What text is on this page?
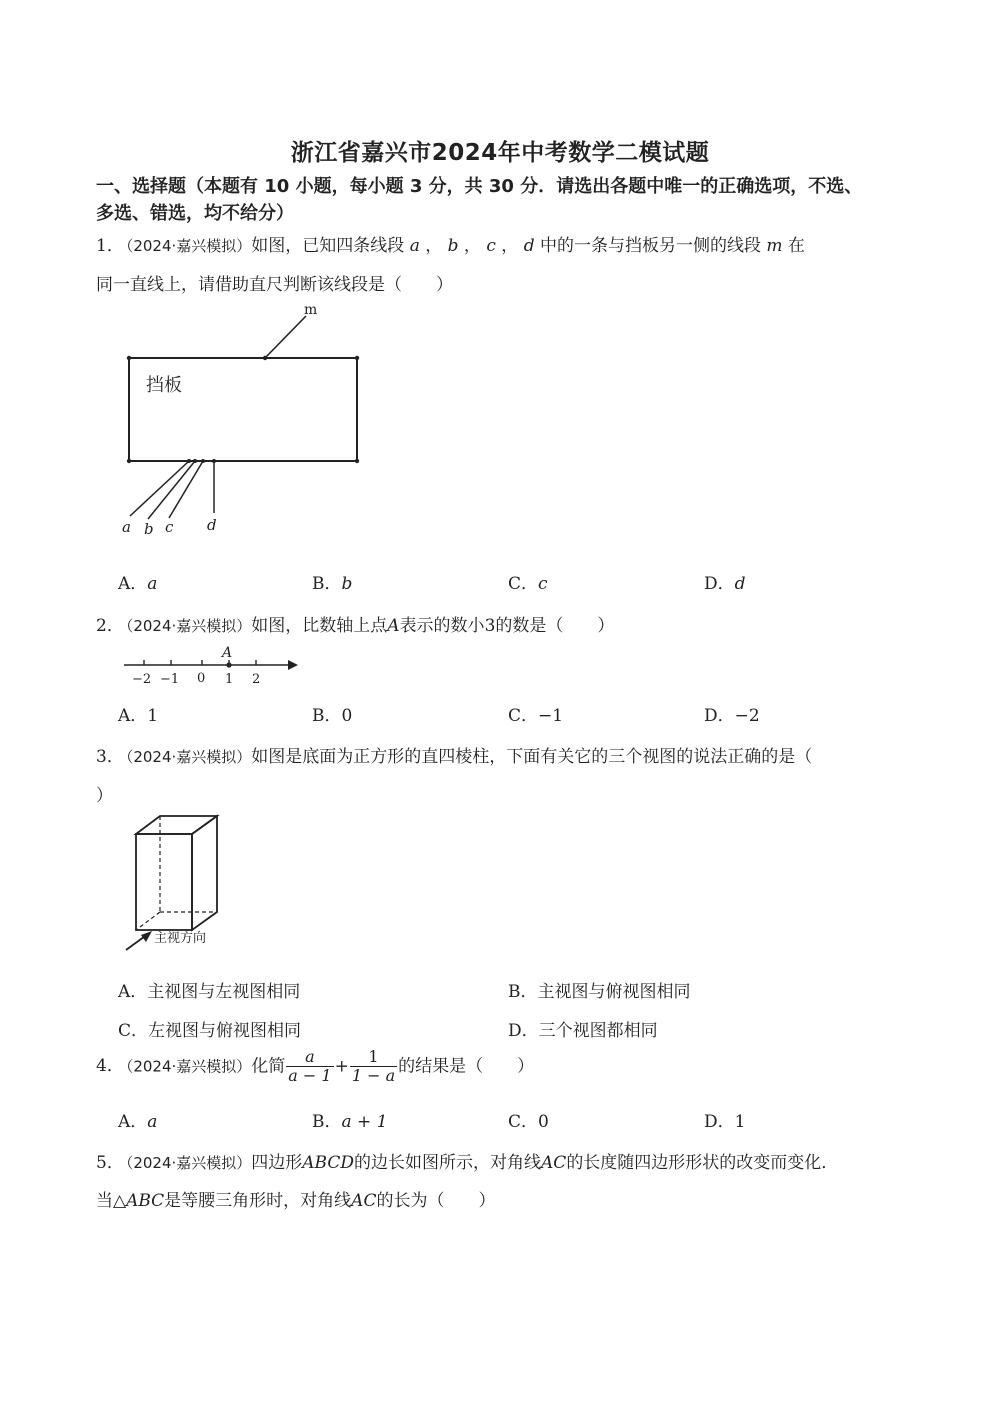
浙江省嘉兴市2024年中考数学二模试题
一、选择题（本题有 10 小题，每小题 3 分，共 30 分．请选出各题中唯一的正确选项，不选、
多选、错选，均不给分）
1． （2024·嘉兴模拟）如图，已知四条线段 a ， b ， c ， d 中的一条与挡板另一侧的线段 m 在
同一直线上，请借助直尺判断该线段是（　　）
挡板
m
a b c d
A．a	B．b	C．c	D．d
2． （2024·嘉兴模拟）如图，比数轴上点A表示的数小3的数是（　　）
A
−2 −1 0 1 2
A．1	B．0	C．−1	D．−2
3． （2024·嘉兴模拟）如图是底面为正方形的直四棱柱，下面有关它的三个视图的说法正确的是（
）
主视方向
A．主视图与左视图相同	B．主视图与俯视图相同
C．左视图与俯视图相同	D．三个视图都相同
4． （2024·嘉兴模拟）化简 $\frac{a}{a - 1} + \frac{1}{1 - a}$ 的结果是（　　）
A．a	B．a + 1	C．0	D．1
5． （2024·嘉兴模拟）四边形ABCD的边长如图所示，对角线AC的长度随四边形形状的改变而变化．
当△ABC是等腰三角形时，对角线AC的长为（　　）
